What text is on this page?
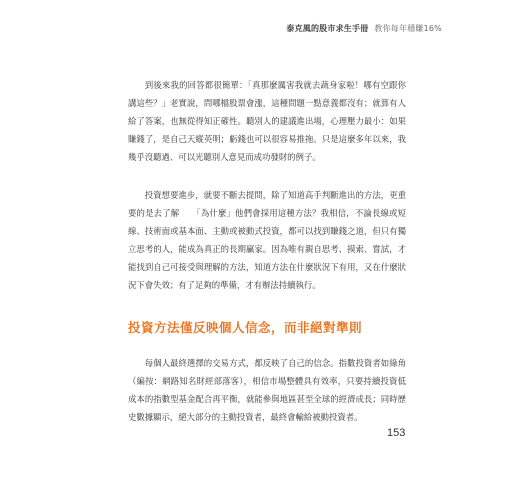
泰克風的股市求生手冊 教你每年穩賺16%

到後來我的回答都很簡單：「真那麼厲害我就去蔬身家啦！哪有空跟你講這些？」老實說，問哪檔股票會漲，這種問題一點意義都沒有；就算有人給了答案，也無從得知正確性。聽別人的建議進出場，心理壓力最小：如果賺錢了，是自己天縱英明；虧錢也可以很容易推拖。只是這麼多年以來，我幾乎沒聽過、可以光聽別人意見而成功發財的例子。

投資想要進步，就要不斷去提問，除了知道高手判斷進出的方法，更重要的是去了解　　「為什麼」他們會採用這種方法？我相信，不論長線或短線、技術面或基本面、主動或被動式投資，都可以找到賺錢之道，但只有獨立思考的人，能成為真正的長期贏家。因為唯有親自思考、摸索、嘗試，才能找到自己可接受與理解的方法，知道方法在什麼狀況下有用，又在什麼狀況下會失效；有了足夠的準備，才有辦法持續執行。

投資方法僅反映個人信念，而非絕對準則

每個人最終選擇的交易方式，都反映了自己的信念。指數投資者如綠角（編按：網路知名財經部落客），相信市場整體具有效率，只要持續投資低成本的指數型基金配合再平衡，就能參與地區甚至全球的經濟成長；同時歷史數據顯示，絕大部分的主動投資者，最終會輸給被動投資者。

153
